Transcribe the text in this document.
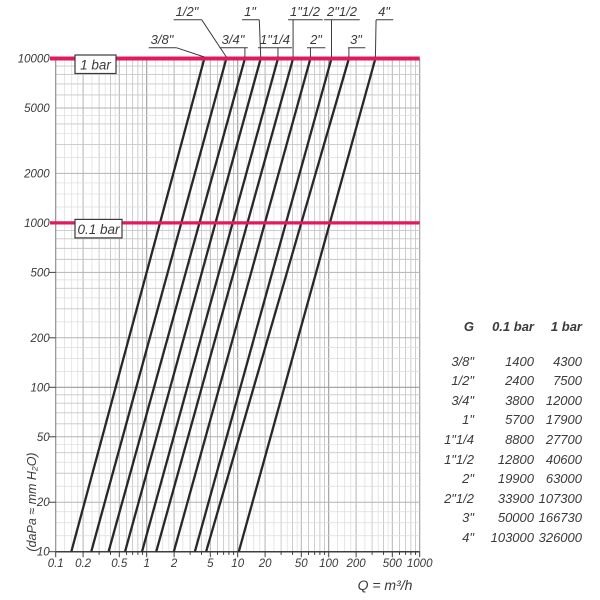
1 bar
0.1 bar
0.1 0.2 0.5 1 2	5 10 20 50 100 200 500 1000
10
20
50
100
200
500
1000
2000
5000
10000
Q = m³/h
(daPa ≈ mm H₂O)
3/8"
1/2"
3/4"
1"
1"1/4
1"1/2
2"
2"1/2
3"
4"
G	0.1 bar	1 bar
3/8"	1400	4300
1/2"	2400	7500
3/4"	3800 12000
1"	5700 17900
1"1/4	8800 27700
1"1/2	12800 40600
2"	19900 63000
2"1/2	33900 107300
3"	50000 166730
4"	103000 326000
